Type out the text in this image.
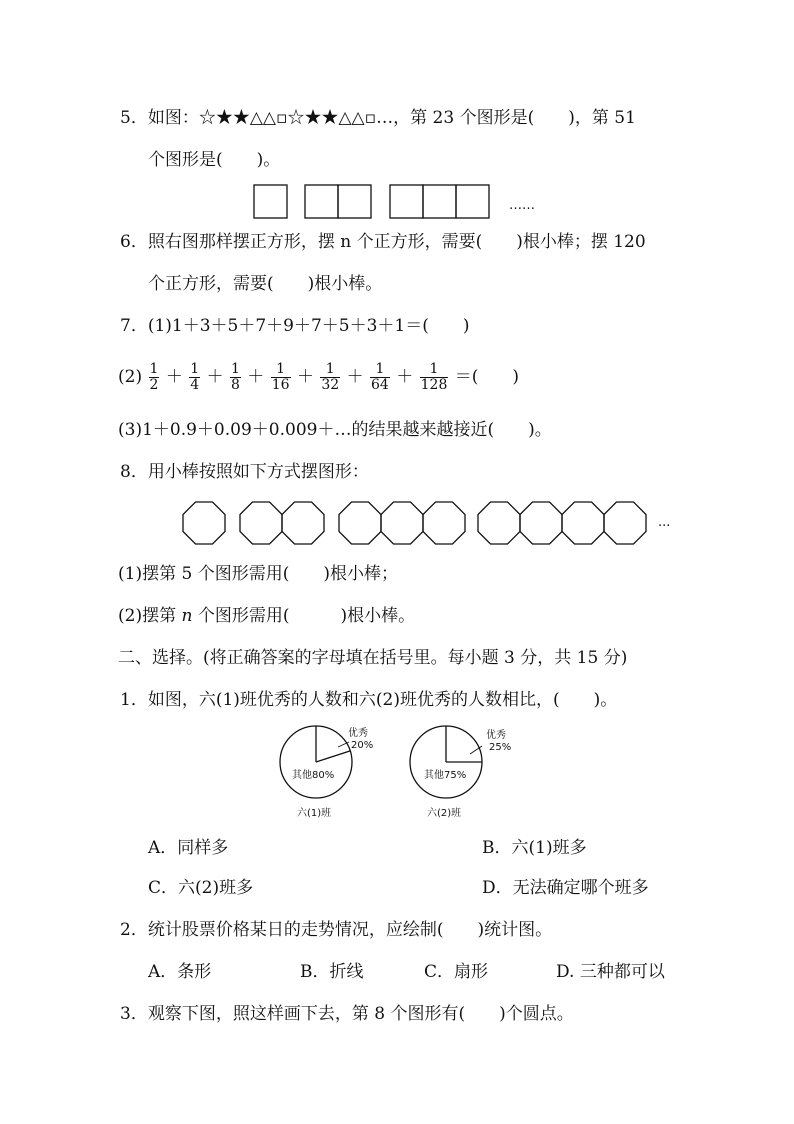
5．如图：☆★★△△▫☆★★△△▫…，第 23 个图形是(　　)，第 51
个图形是(　　)。
……
6．照右图那样摆正方形，摆 n 个正方形，需要(　　)根小棒；摆 120
个正方形，需要(　　)根小棒。
7．(1)1＋3＋5＋7＋9＋7＋5＋3＋1＝(　　)
$(2) \frac{1}{2} + \frac{1}{4} + \frac{1}{8} + \frac{1}{16} + \frac{1}{32} + \frac{1}{64} + \frac{1}{128}$ ＝(　　)
(3)1＋0.9＋0.09＋0.009＋…的结果越来越接近(　　)。
8．用小棒按照如下方式摆图形：
...
(1)摆第 5 个图形需用(　　)根小棒；
(2)摆第 n 个图形需用(　　　)根小棒。
二、选择。(将正确答案的字母填在括号里。每小题 3 分，共 15 分)
1．如图，六(1)班优秀的人数和六(2)班优秀的人数相比，(　　)。
优秀
20%
其他80%
六(1)班
优秀
25%
其他75%
六(2)班
A．同样多	B．六(1)班多
C．六(2)班多	D．无法确定哪个班多
2．统计股票价格某日的走势情况，应绘制(　　)统计图。
A．条形	B．折线	C．扇形	D. 三种都可以
3．观察下图，照这样画下去，第 8 个图形有(　　)个圆点。
